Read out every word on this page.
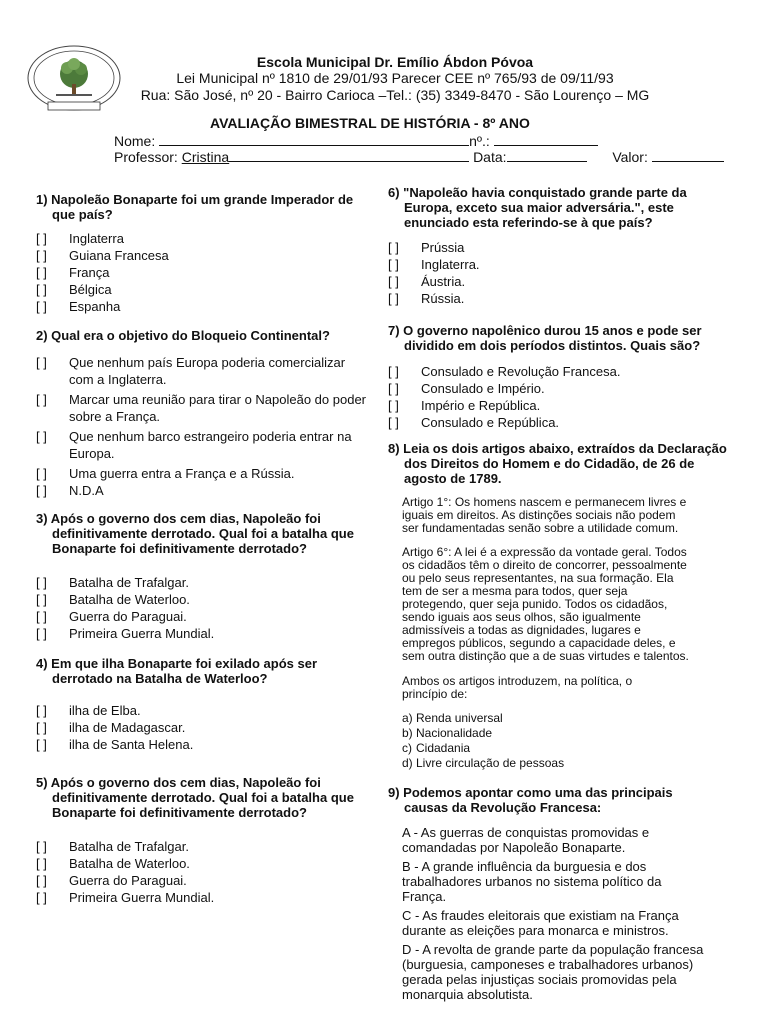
Escola Municipal Dr. Emílio Ábdon Póvoa
Lei Municipal nº 1810 de 29/01/93 Parecer CEE nº 765/93 de 09/11/93
Rua: São José, nº 20 - Bairro Carioca –Tel.: (35) 3349-8470 - São Lourenço – MG
AVALIAÇÃO BIMESTRAL DE HISTÓRIA - 8º ANO
Nome:	nº.:
Professor: Cristina	Data:	Valor:
1) Napoleão Bonaparte foi um grande Imperador de que país?
[ ] Inglaterra
[ ] Guiana Francesa
[ ] França
[ ] Bélgica
[ ] Espanha
2) Qual era o objetivo do Bloqueio Continental?
[ ] Que nenhum país Europa poderia comercializar com a Inglaterra.
[ ] Marcar uma reunião para tirar o Napoleão do poder sobre a França.
[ ] Que nenhum barco estrangeiro poderia entrar na Europa.
[ ] Uma guerra entra a França e a Rússia.
[ ] N.D.A
3) Após o governo dos cem dias, Napoleão foi definitivamente derrotado. Qual foi a batalha que Bonaparte foi definitivamente derrotado?
[ ] Batalha de Trafalgar.
[ ] Batalha de Waterloo.
[ ] Guerra do Paraguai.
[ ] Primeira Guerra Mundial.
4) Em que ilha Bonaparte foi exilado após ser derrotado na Batalha de Waterloo?
[ ] ilha de Elba.
[ ] ilha de Madagascar.
[ ] ilha de Santa Helena.
5) Após o governo dos cem dias, Napoleão foi definitivamente derrotado. Qual foi a batalha que Bonaparte foi definitivamente derrotado?
[ ] Batalha de Trafalgar.
[ ] Batalha de Waterloo.
[ ] Guerra do Paraguai.
[ ] Primeira Guerra Mundial.
6) "Napoleão havia conquistado grande parte da Europa, exceto sua maior adversária.", este enunciado esta referindo-se à que país?
[ ] Prússia
[ ] Inglaterra.
[ ] Áustria.
[ ] Rússia.
7) O governo napolênico durou 15 anos e pode ser dividido em dois períodos distintos. Quais são?
[ ] Consulado e Revolução Francesa.
[ ] Consulado e Império.
[ ] Império e República.
[ ] Consulado e República.
8) Leia os dois artigos abaixo, extraídos da Declaração dos Direitos do Homem e do Cidadão, de 26 de agosto de 1789.
Artigo 1°: Os homens nascem e permanecem livres e iguais em direitos. As distinções sociais não podem ser fundamentadas senão sobre a utilidade comum.
Artigo 6°: A lei é a expressão da vontade geral. Todos os cidadãos têm o direito de concorrer, pessoalmente ou pelo seus representantes, na sua formação. Ela tem de ser a mesma para todos, quer seja protegendo, quer seja punido. Todos os cidadãos, sendo iguais aos seus olhos, são igualmente admissíveis a todas as dignidades, lugares e empregos públicos, segundo a capacidade deles, e sem outra distinção que a de suas virtudes e talentos.
Ambos os artigos introduzem, na política, o princípio de:
a) Renda universal
b) Nacionalidade
c) Cidadania
d) Livre circulação de pessoas
9) Podemos apontar como uma das principais causas da Revolução Francesa:
A - As guerras de conquistas promovidas e comandadas por Napoleão Bonaparte.
B - A grande influência da burguesia e dos trabalhadores urbanos no sistema político da França.
C - As fraudes eleitorais que existiam na França durante as eleições para monarca e ministros.
D - A revolta de grande parte da população francesa (burguesia, camponeses e trabalhadores urbanos) gerada pelas injustiças sociais promovidas pela monarquia absolutista.
